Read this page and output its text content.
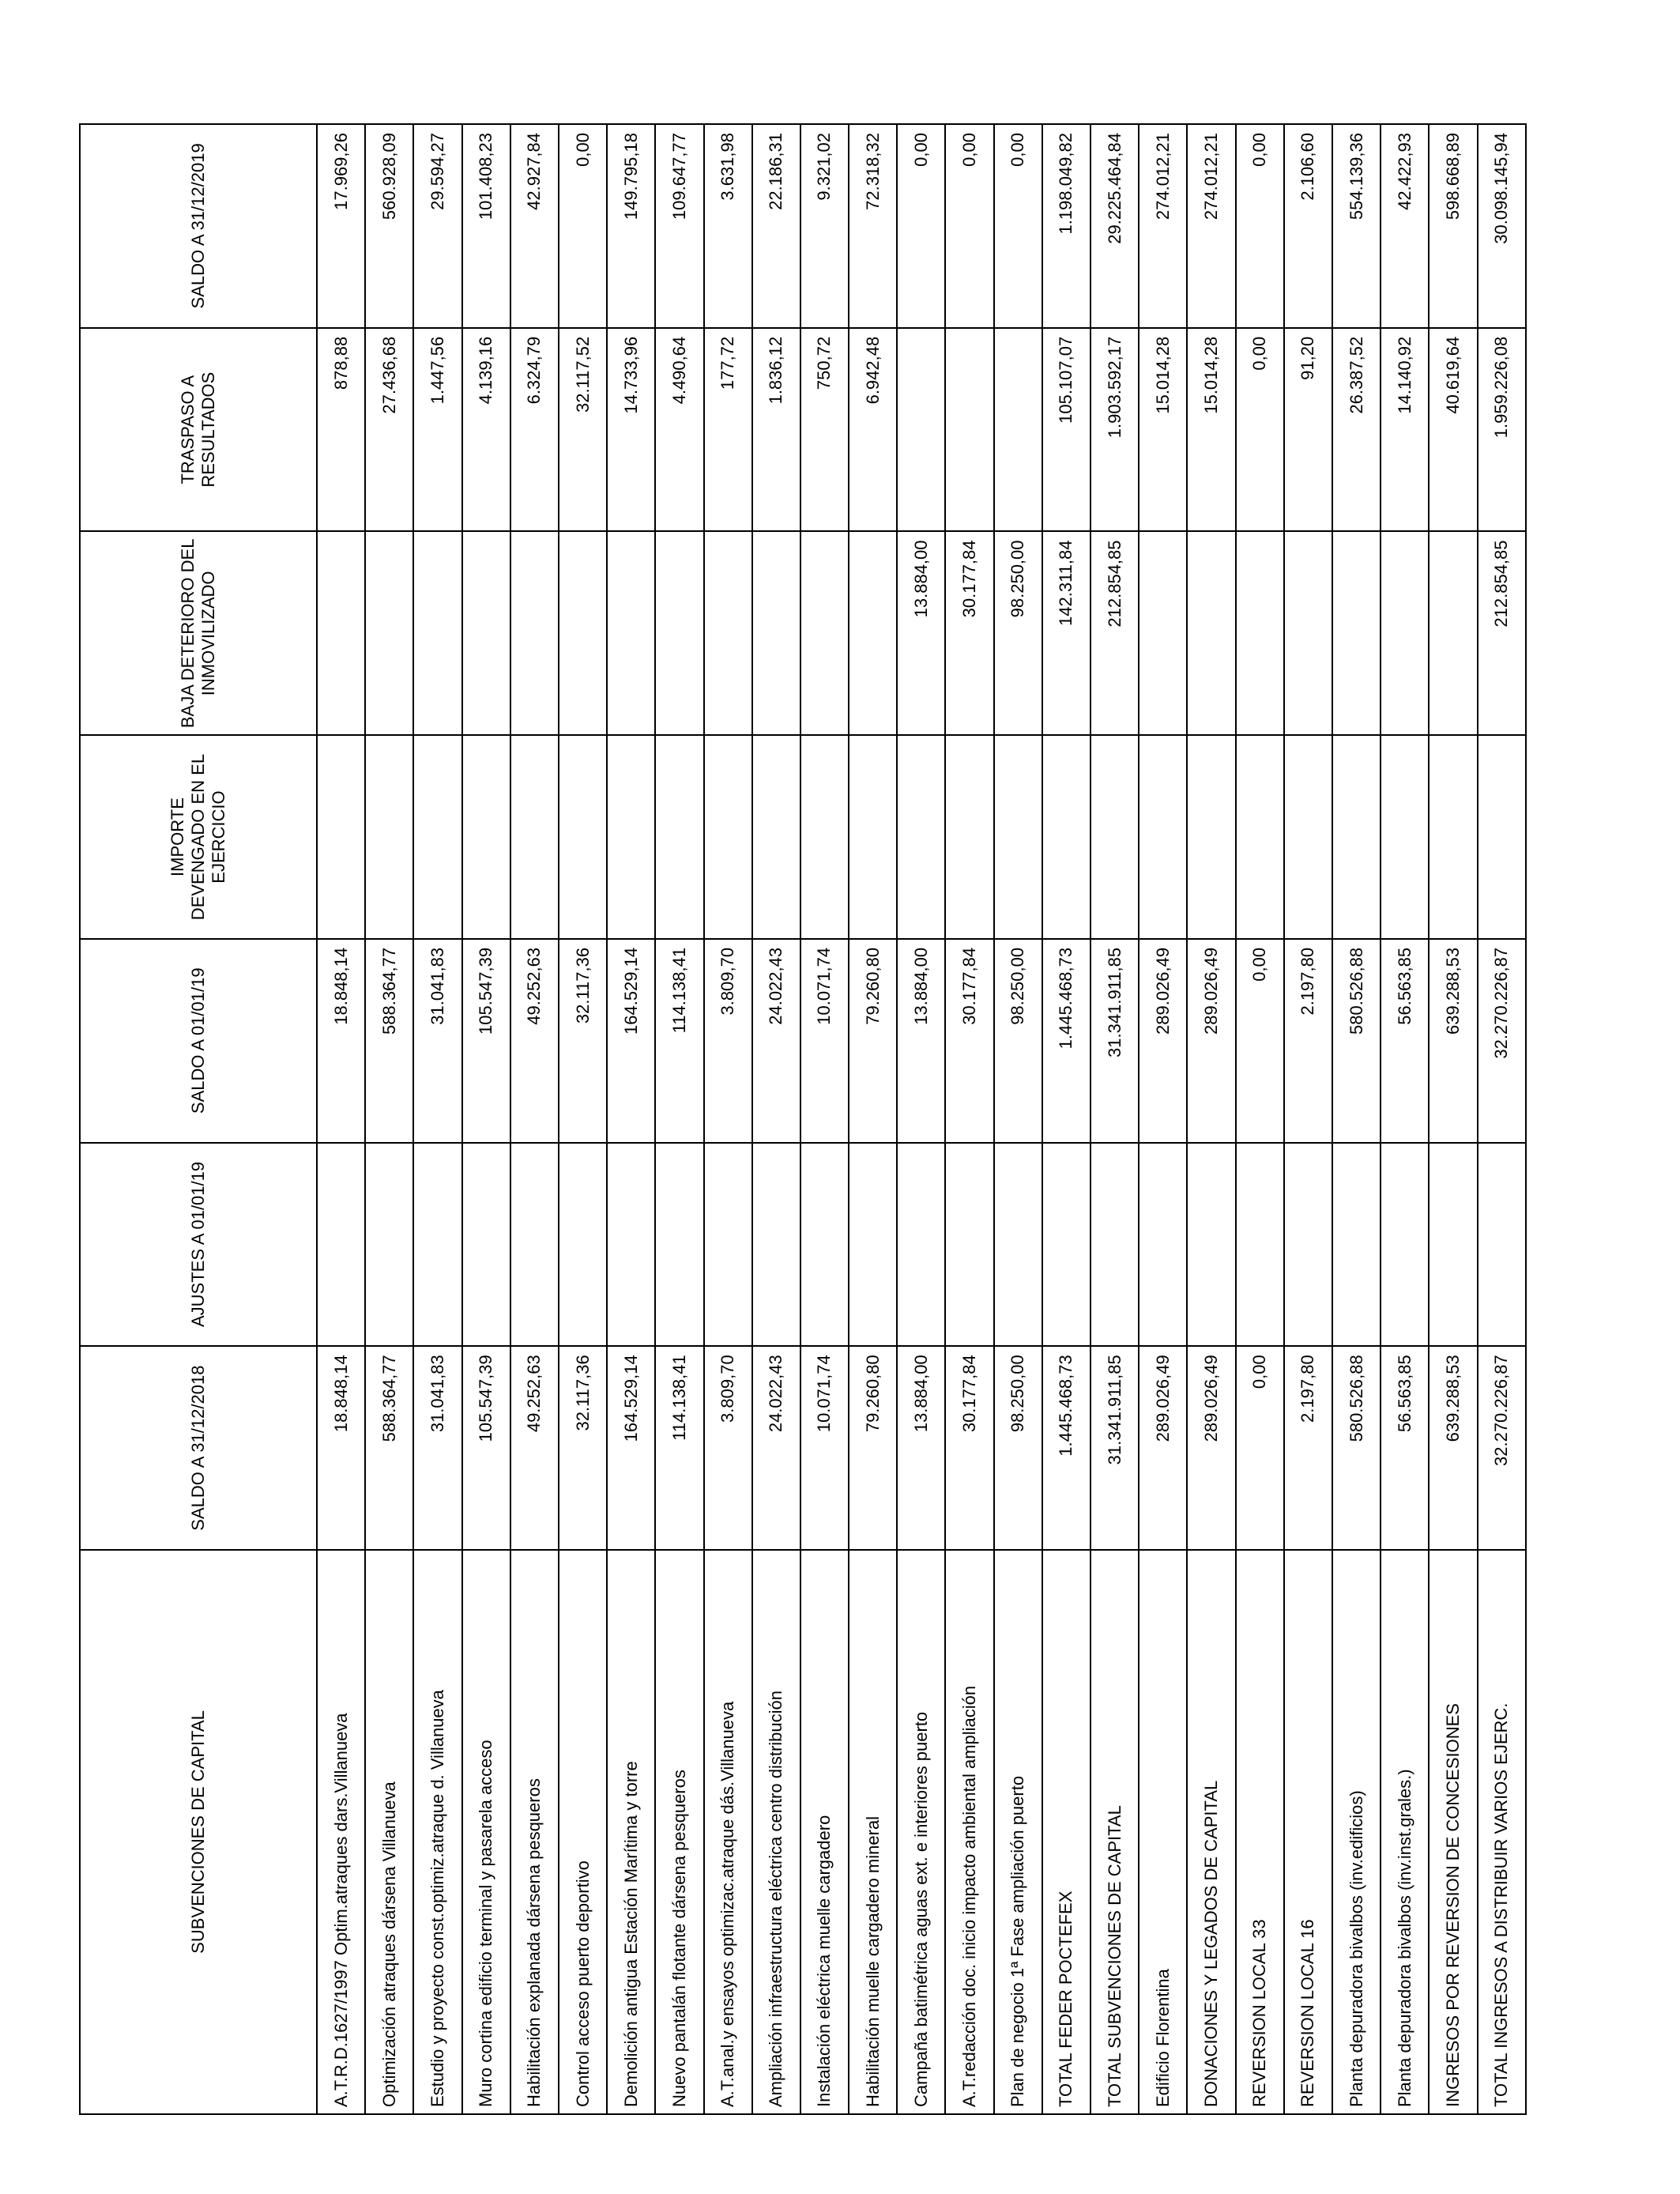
SUBVENCIONES DE CAPITAL	SALDO A 31/12/2018	AJUSTES A 01/01/19	SALDO A 01/01/19	IMPORTE DEVENGADO EN EL EJERCICIO	BAJA DETERIORO DEL INMOVILIZADO	TRASPASO A RESULTADOS	SALDO A 31/12/2019
A.T.R.D.1627/1997 Optim.atraques dars.Villanueva	18.848,14		18.848,14			878,88	17.969,26
Optimización atraques dársena Villanueva	588.364,77		588.364,77			27.436,68	560.928,09
Estudio y proyecto const.optimiz.atraque d. Villanueva	31.041,83		31.041,83			1.447,56	29.594,27
Muro cortina edificio terminal y pasarela acceso	105.547,39		105.547,39			4.139,16	101.408,23
Habilitación explanada dársena pesqueros	49.252,63		49.252,63			6.324,79	42.927,84
Control acceso puerto deportivo	32.117,36		32.117,36			32.117,52	0,00
Demolición antigua Estación Marítima y torre	164.529,14		164.529,14			14.733,96	149.795,18
Nuevo pantalán flotante dársena pesqueros	114.138,41		114.138,41			4.490,64	109.647,77
A.T.anal.y ensayos optimizac.atraque dás.Villanueva	3.809,70		3.809,70			177,72	3.631,98
Ampliación infraestructura eléctrica centro distribución	24.022,43		24.022,43			1.836,12	22.186,31
Instalación eléctrica muelle cargadero	10.071,74		10.071,74			750,72	9.321,02
Habilitación muelle cargadero mineral	79.260,80		79.260,80			6.942,48	72.318,32
Campaña batimétrica aguas ext. e interiores puerto	13.884,00		13.884,00		13.884,00		0,00
A.T.redacción doc. inicio impacto ambiental ampliación	30.177,84		30.177,84		30.177,84		0,00
Plan de negocio 1ª Fase ampliación puerto	98.250,00		98.250,00		98.250,00		0,00
TOTAL FEDER POCTEFEX	1.445.468,73		1.445.468,73		142.311,84	105.107,07	1.198.049,82
TOTAL SUBVENCIONES DE CAPITAL	31.341.911,85		31.341.911,85		212.854,85	1.903.592,17	29.225.464,84
Edificio Florentina	289.026,49		289.026,49			15.014,28	274.012,21
DONACIONES Y LEGADOS DE CAPITAL	289.026,49		289.026,49			15.014,28	274.012,21
REVERSION LOCAL 33	0,00		0,00			0,00	0,00
REVERSION LOCAL 16	2.197,80		2.197,80			91,20	2.106,60
Planta depuradora bivalbos (inv.edificios)	580.526,88		580.526,88			26.387,52	554.139,36
Planta depuradora bivalbos (inv.inst.grales.)	56.563,85		56.563,85			14.140,92	42.422,93
INGRESOS POR REVERSION DE CONCESIONES	639.288,53		639.288,53			40.619,64	598.668,89
TOTAL INGRESOS A DISTRIBUIR VARIOS EJERC.	32.270.226,87		32.270.226,87		212.854,85	1.959.226,08	30.098.145,94
